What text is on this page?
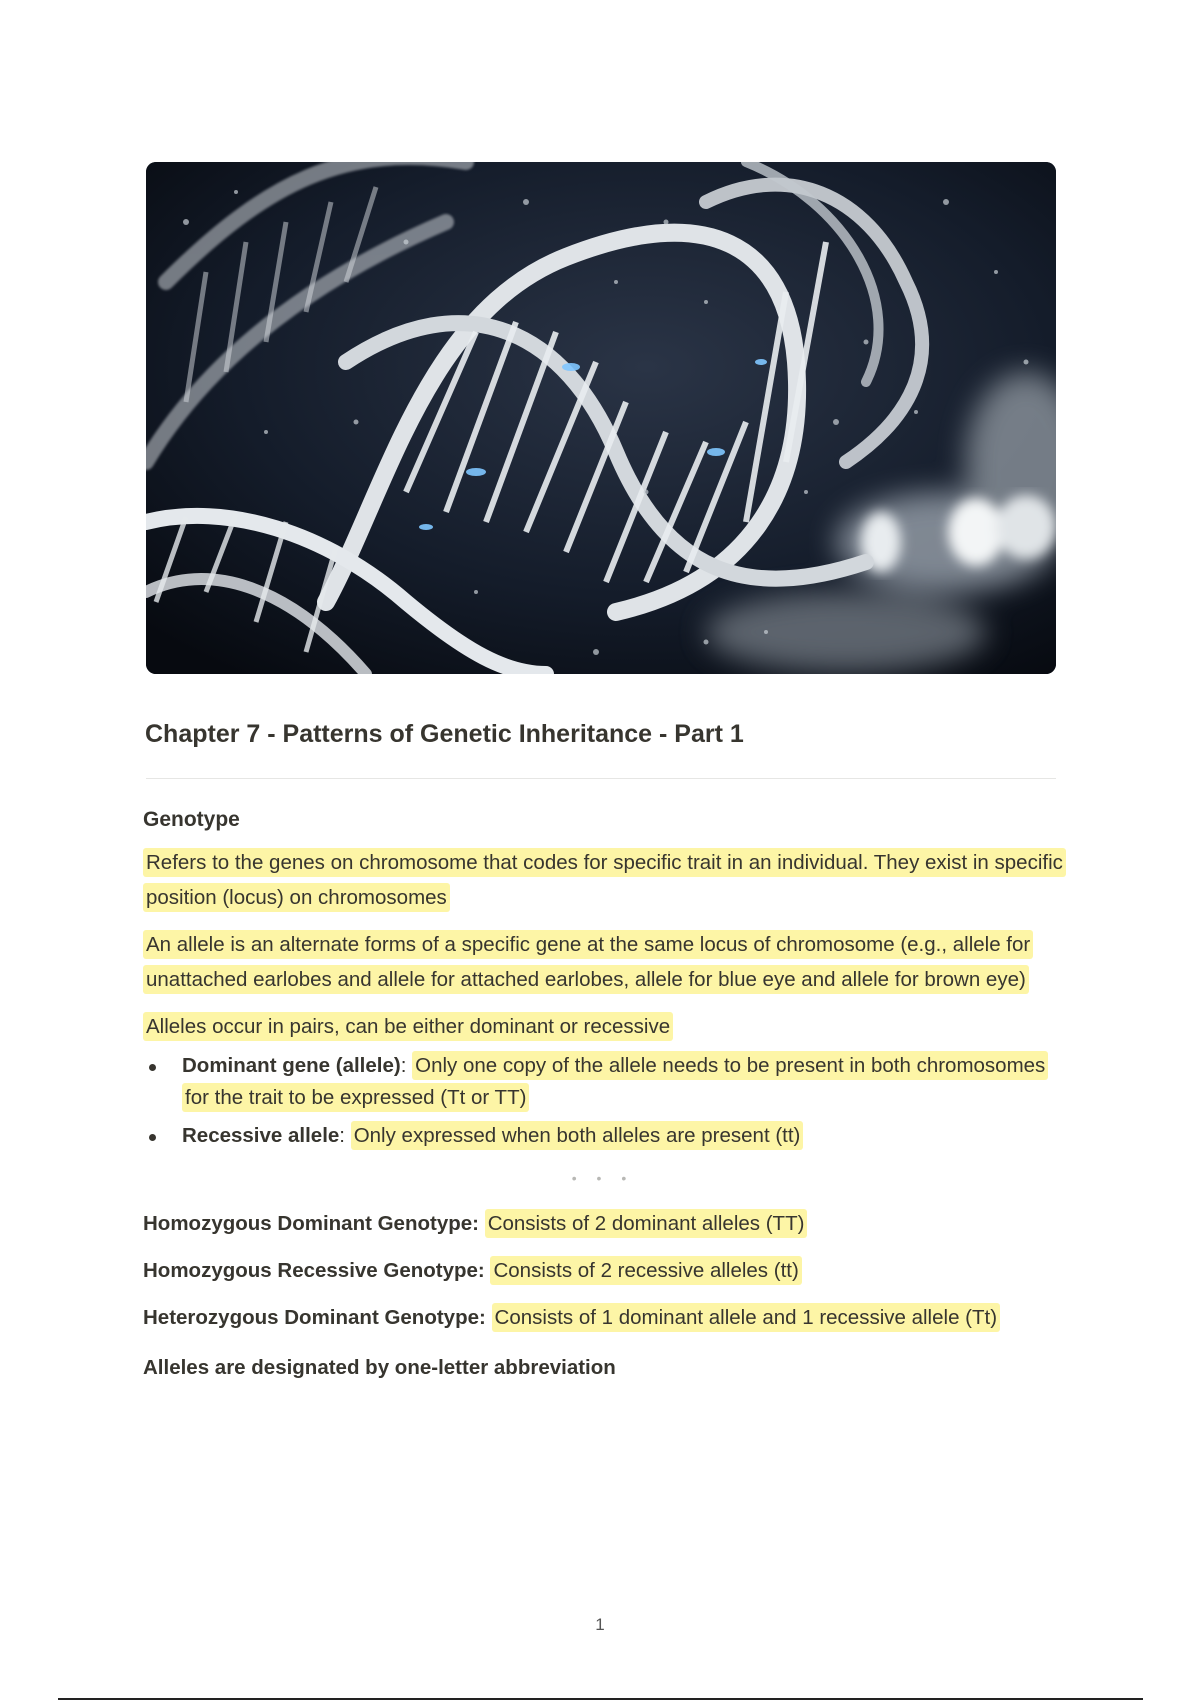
Chapter 7 - Patterns of Genetic Inheritance - Part 1
Genotype

Refers to the genes on chromosome that codes for specific trait in an individual. They exist in specific position (locus) on chromosomes

An allele is an alternate forms of a specific gene at the same locus of chromosome (e.g., allele for unattached earlobes and allele for attached earlobes, allele for blue eye and allele for brown eye)

Alleles occur in pairs, can be either dominant or recessive

Dominant gene (allele): Only one copy of the allele needs to be present in both chromosomes for the trait to be expressed (Tt or TT)
Recessive allele: Only expressed when both alleles are present (tt)
• • •

Homozygous Dominant Genotype: Consists of 2 dominant alleles (TT)

Homozygous Recessive Genotype: Consists of 2 recessive alleles (tt)

Heterozygous Dominant Genotype: Consists of 1 dominant allele and 1 recessive allele (Tt)

Alleles are designated by one-letter abbreviation
1
